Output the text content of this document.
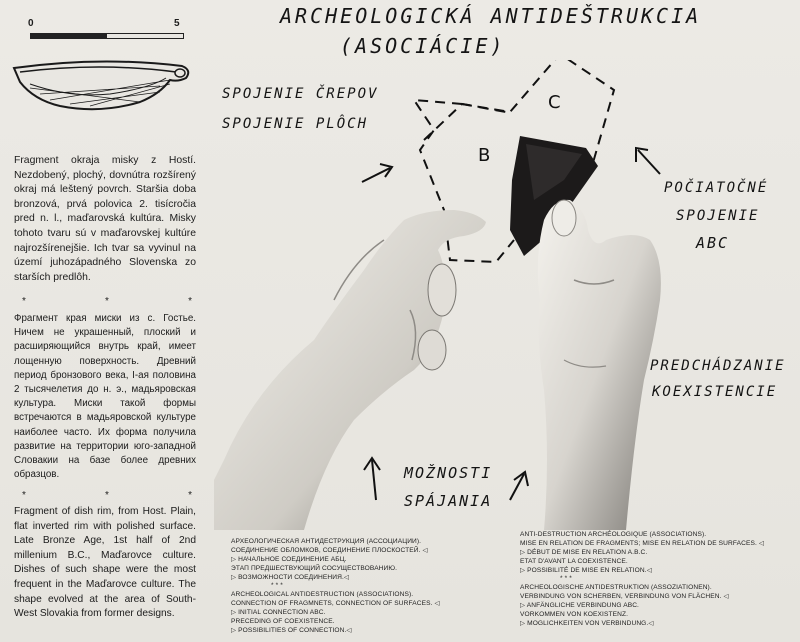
0	5
Fragment okraja misky z Hostí. Nezdobený, plochý, dovnútra rozšírený okraj má leštený povrch. Staršia doba bronzová, prvá polovica 2. tisícročia pred n. l., maďarovská kultúra. Misky tohoto tvaru sú v maďarovskej kultúre najrozšírenejšie. Ich tvar sa vyvinul na území juhozápadného Slovenska zo starších predlôh.
*	*	*
Фрагмент края миски из с. Гостье. Ничем не украшенный, плоский и расширяющийся внутрь край, имеет лощенную поверхность. Древний период бронзового века, I-ая половина 2 тысячелетия до н. э., мадьяровская культура. Миски такой формы встречаются в мадьяровской культуре наиболее часто. Их форма получила развитие на территории юго-западной Словакии на базе более древних образцов.
*	*	*
Fragment of dish rim, from Host. Plain, flat inverted rim with polished surface. Late Bronze Age, 1st half of 2nd millenium B.C., Maďarovce culture. Dishes of such shape were the most frequent in the Maďarovce culture. The shape evolved at the area of South-West Slovakia from former designs.
ARCHEOLOGICKÁ ANTIDEŠTRUKCIA
(ASOCIÁCIE)
SPOJENIE ČREPOV
SPOJENIE PLÔCH
POČIATOČNÉ
SPOJENIE
ABC
PREDCHÁDZANIE
KOEXISTENCIE
MOŽNOSTI
SPÁJANIA
B
C
АРХЕОЛОГИЧЕСКАЯ АНТИДЕСТРУКЦИЯ (АССОЦИАЦИИ).
СОЕДИНЕНИЕ ОБЛОМКОВ, СОЕДИНЕНИЕ ПЛОСКОСТЕЙ. ◁
▷ НАЧАЛЬНОЕ СОЕДИНЕНИЕ АБЦ.
ЭТАП ПРЕДШЕСТВУЮЩИЙ СОСУЩЕСТВОВАНИЮ.
▷ ВОЗМОЖНОСТИ СОЕДИНЕНИЯ.◁
* * *
ARCHEOLOGICAL ANTIDESTRUCTION (ASSOCIATIONS).
CONNECTION OF FRAGMNETS, CONNECTION OF SURFACES. ◁
▷ INITIAL CONNECTION ABC.
PRECEDING OF COEXISTENCE.
▷ POSSIBILITIES OF CONNECTION.◁
ANTI-DESTRUCTION ARCHÉOLOGIQUE (ASSOCIATIONS).
MISE EN RELATION DE FRAGMENTS; MISE EN RELATION DE SURFACES. ◁
▷ DÉBUT DE MISE EN RELATION A.B.C.
ETAT D'AVANT LA COEXISTENCE.
▷ POSSIBILITÉ DE MISE EN RELATION.◁
* * *
ARCHEOLOGISCHE ANTIDESTRUKTION (ASSOZIATIONEN).
VERBINDUNG VON SCHERBEN, VERBINDUNG VON FLÄCHEN. ◁
▷ ANFÄNGLICHE VERBINDUNG ABC.
VORKOMMEN VON KOEXISTENZ.
▷ MOGLICHKEITEN VON VERBINDUNG.◁
